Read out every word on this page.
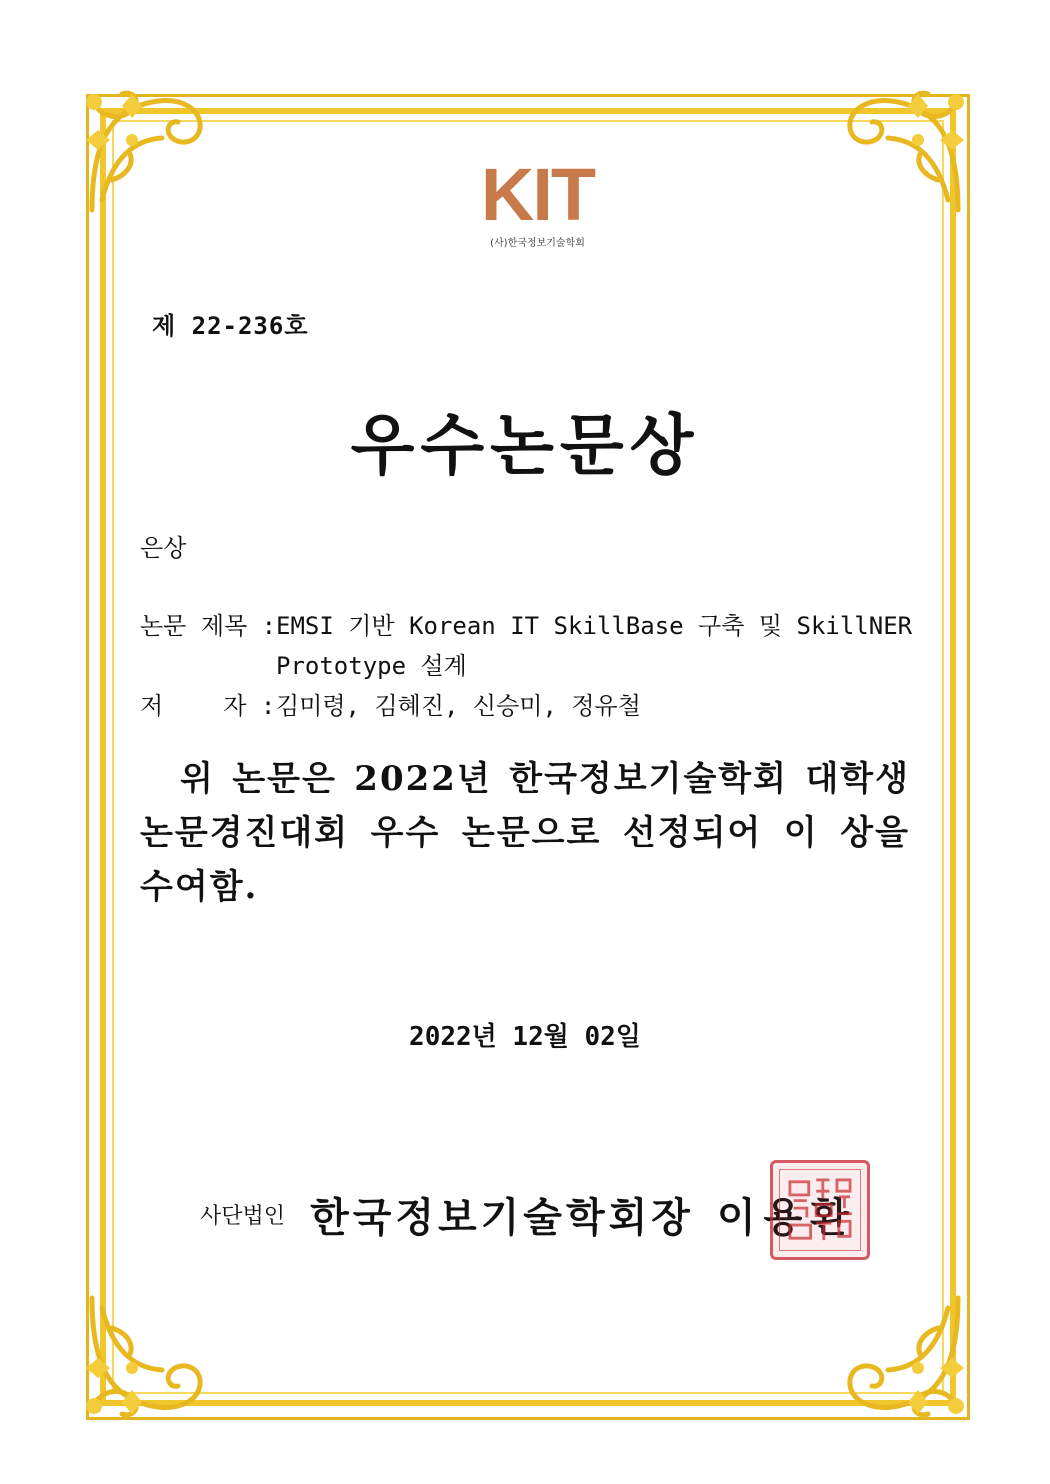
KIT
(사)한국정보기술학회
제 22-236호
우수논문상
은상
논문 제목 : EMSI 기반 Korean IT SkillBase 구축 및 SkillNER Prototype 설계
저	자 : 김미령, 김혜진, 신승미, 정유철
위 논문은 2022년 한국정보기술학회 대학생 논문경진대회 우수 논문으로 선정되어 이 상을 수여함.
2022년 12월 02일
사단법인 한국정보기술학회장 이용환
